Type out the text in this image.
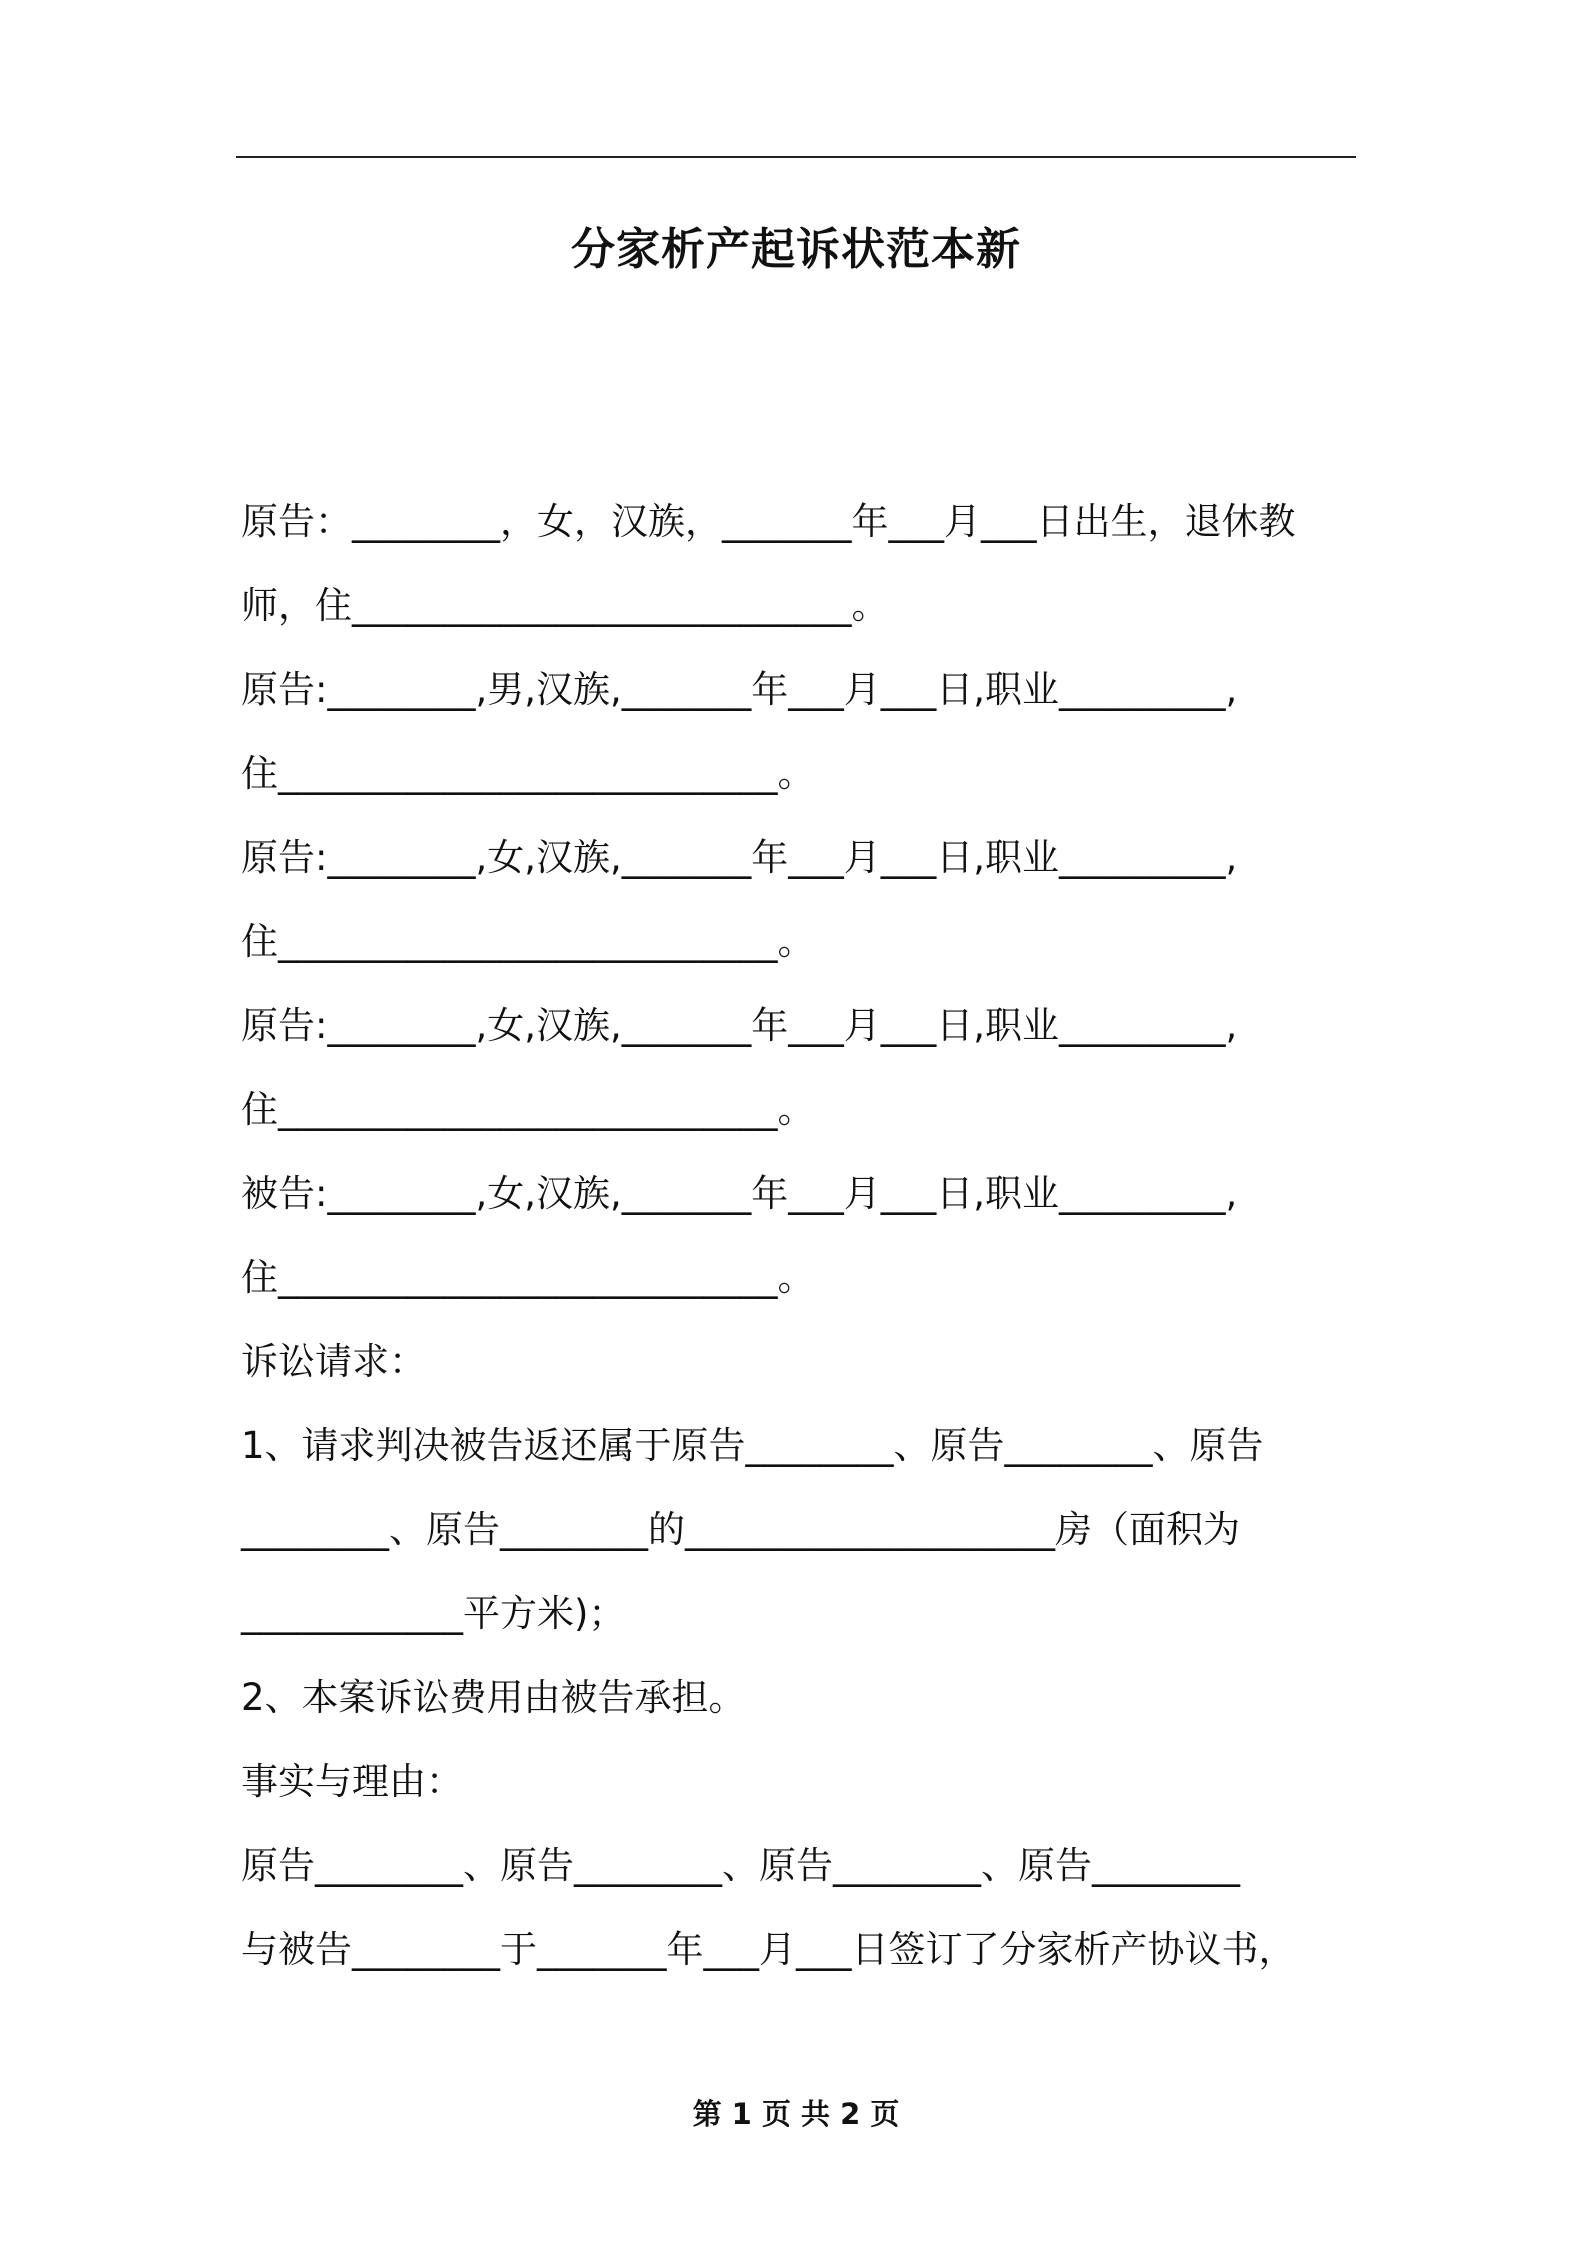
分家析产起诉状范本新
原告：________，女，汉族，_______年___月___日出生，退休教
师，住___________________________。
原告:________,男,汉族,_______年___月___日,职业_________,
住___________________________。
原告:________,女,汉族,_______年___月___日,职业_________,
住___________________________。
原告:________,女,汉族,_______年___月___日,职业_________,
住___________________________。
被告:________,女,汉族,_______年___月___日,职业_________,
住___________________________。
诉讼请求：
1、请求判决被告返还属于原告________、原告________、原告
________、原告________的____________________房（面积为
____________平方米)；
2、本案诉讼费用由被告承担。
事实与理由：
原告________、原告________、原告________、原告________
与被告________于_______年___月___日签订了分家析产协议书，
第 1 页 共 2 页
